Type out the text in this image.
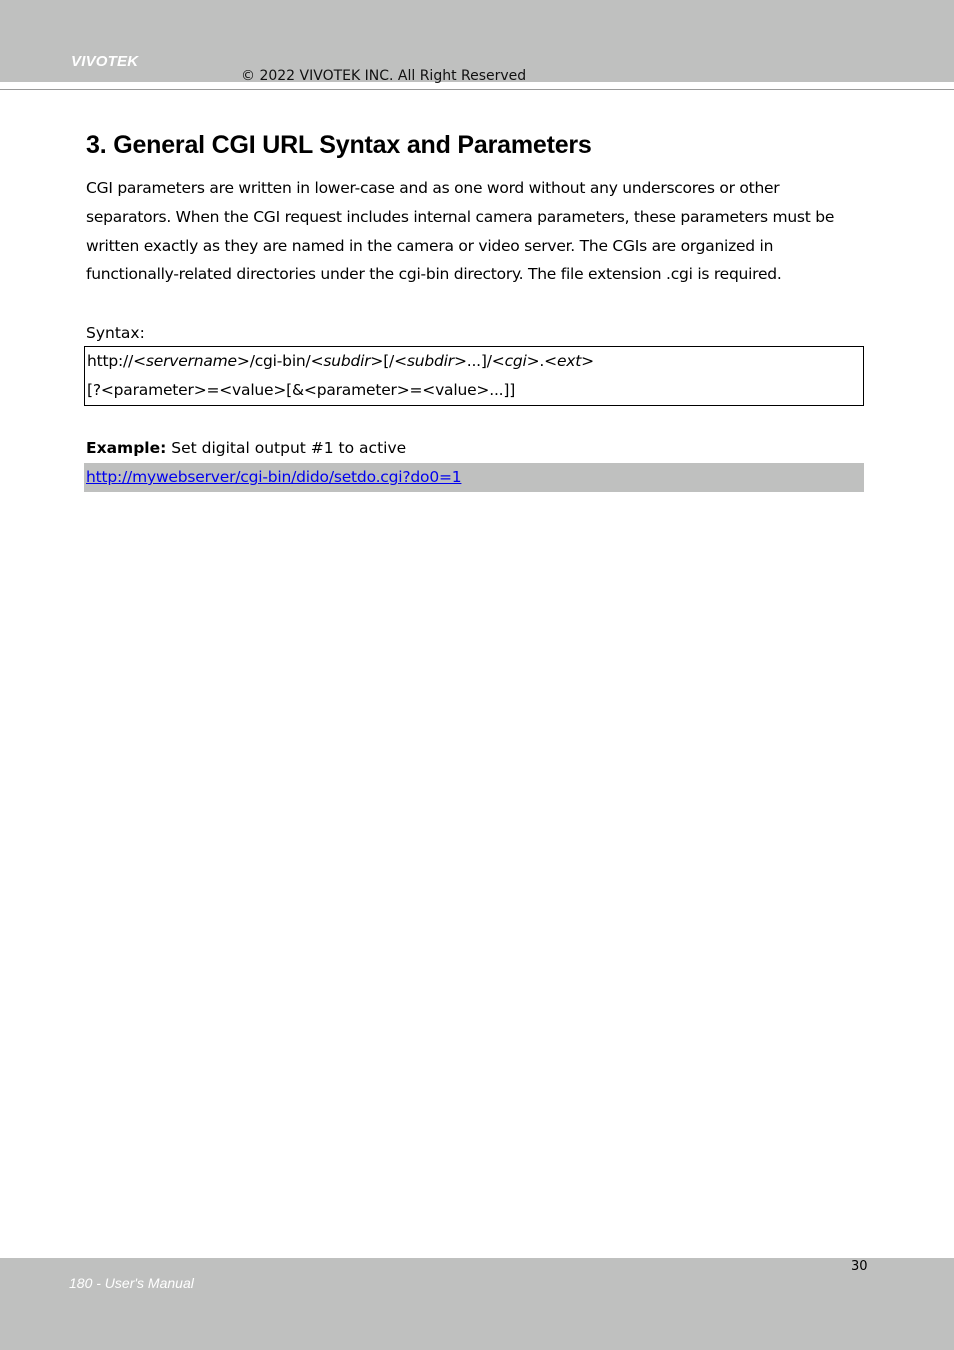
VIVOTEK
© 2022 VIVOTEK INC. All Right Reserved
3. General CGI URL Syntax and Parameters

CGI parameters are written in lower-case and as one word without any underscores or other separators. When the CGI request includes internal camera parameters, these parameters must be written exactly as they are named in the camera or video server. The CGIs are organized in functionally-related directories under the cgi-bin directory. The file extension .cgi is required.

Syntax:

http://<servername>/cgi-bin/<subdir>[/<subdir>...]/<cgi>.<ext>
[?<parameter>=<value>[&<parameter>=<value>...]]

Example: Set digital output #1 to active

http://mywebserver/cgi-bin/dido/setdo.cgi?do0=1
180 - User's Manual
30
